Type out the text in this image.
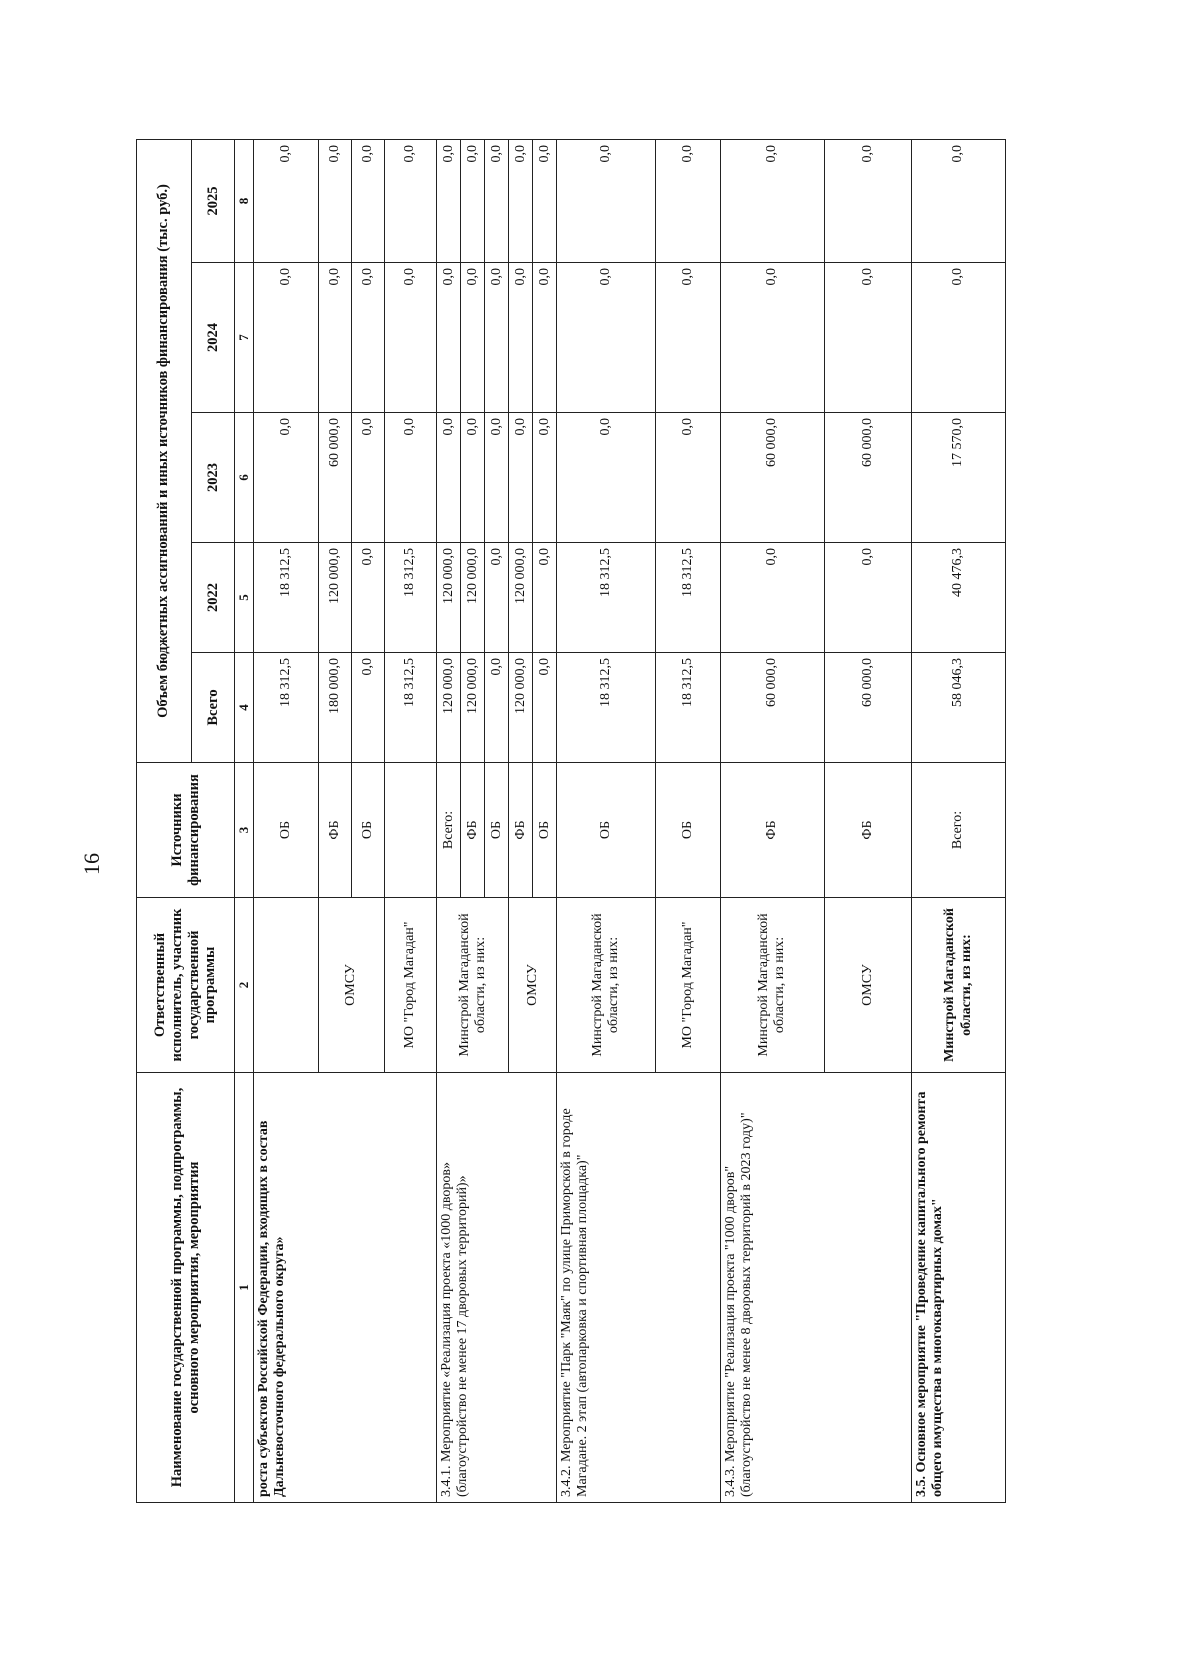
16
Наименование государственной программы, подпрограммы, основного мероприятия, мероприятия	Ответственный исполнитель, участник государственной программы	Источники финансирования	Объем бюджетных ассигнований и иных источников финансирования (тыс. руб.)				
			Всего	2022	2023	2024	2025
1	2	3	4	5	6	7	8
роста субъектов Российской Федерации, входящих в состав Дальневосточного федерального округа»		ОБ	18 312,5	18 312,5	0,0	0,0	0,0
	ОМСУ	ФБ	180 000,0	120 000,0	60 000,0	0,0	0,0
		ОБ	0,0	0,0	0,0	0,0	0,0
	МО "Город Магадан"		18 312,5	18 312,5	0,0	0,0	0,0
3.4.1. Мероприятие «Реализация проекта «1000 дворов» (благоустройство не менее 17 дворовых территорий)»	Минстрой Магаданской области, из них:	Всего:	120 000,0	120 000,0	0,0	0,0	0,0
		ФБ	120 000,0	120 000,0	0,0	0,0	0,0
		ОБ	0,0	0,0	0,0	0,0	0,0
	ОМСУ	ФБ	120 000,0	120 000,0	0,0	0,0	0,0
		ОБ	0,0	0,0	0,0	0,0	0,0
3.4.2. Мероприятие "Парк "Маяк" по улице Приморской в городе Магадане. 2 этап (автопарковка и спортивная площадка)"	Минстрой Магаданской области, из них:	ОБ	18 312,5	18 312,5	0,0	0,0	0,0
	МО "Город Магадан"	ОБ	18 312,5	18 312,5	0,0	0,0	0,0
3.4.3. Мероприятие "Реализация проекта "1000 дворов" (благоустройство не менее 8 дворовых территорий в 2023 году)"	Минстрой Магаданской области, из них:	ФБ	60 000,0	0,0	60 000,0	0,0	0,0
	ОМСУ	ФБ	60 000,0	0,0	60 000,0	0,0	0,0
3.5. Основное мероприятие "Проведение капитального ремонта общего имущества в многоквартирных домах"	Минстрой Магаданской области, из них:	Всего:	58 046,3	40 476,3	17 570,0	0,0	0,0
